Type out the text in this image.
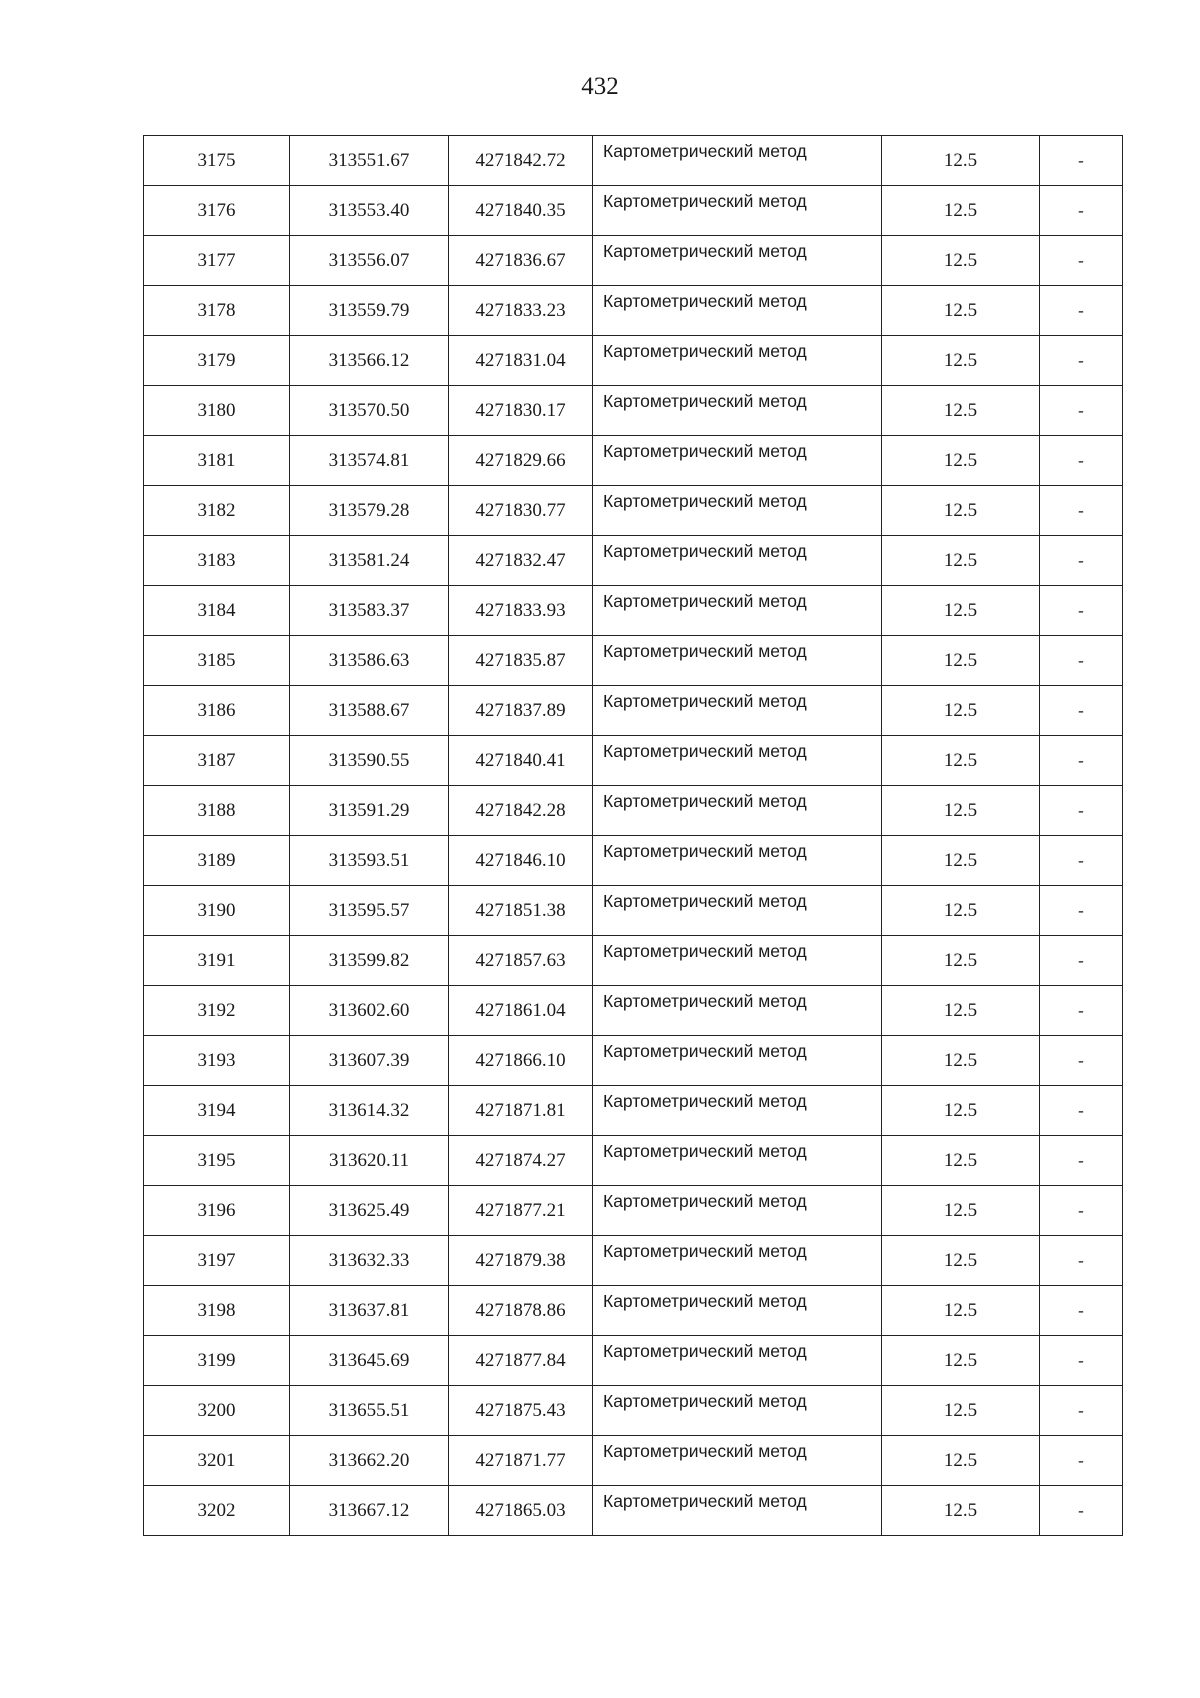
432
3175	313551.67	4271842.72	Картометрический метод	12.5	-
3176	313553.40	4271840.35	Картометрический метод	12.5	-
3177	313556.07	4271836.67	Картометрический метод	12.5	-
3178	313559.79	4271833.23	Картометрический метод	12.5	-
3179	313566.12	4271831.04	Картометрический метод	12.5	-
3180	313570.50	4271830.17	Картометрический метод	12.5	-
3181	313574.81	4271829.66	Картометрический метод	12.5	-
3182	313579.28	4271830.77	Картометрический метод	12.5	-
3183	313581.24	4271832.47	Картометрический метод	12.5	-
3184	313583.37	4271833.93	Картометрический метод	12.5	-
3185	313586.63	4271835.87	Картометрический метод	12.5	-
3186	313588.67	4271837.89	Картометрический метод	12.5	-
3187	313590.55	4271840.41	Картометрический метод	12.5	-
3188	313591.29	4271842.28	Картометрический метод	12.5	-
3189	313593.51	4271846.10	Картометрический метод	12.5	-
3190	313595.57	4271851.38	Картометрический метод	12.5	-
3191	313599.82	4271857.63	Картометрический метод	12.5	-
3192	313602.60	4271861.04	Картометрический метод	12.5	-
3193	313607.39	4271866.10	Картометрический метод	12.5	-
3194	313614.32	4271871.81	Картометрический метод	12.5	-
3195	313620.11	4271874.27	Картометрический метод	12.5	-
3196	313625.49	4271877.21	Картометрический метод	12.5	-
3197	313632.33	4271879.38	Картометрический метод	12.5	-
3198	313637.81	4271878.86	Картометрический метод	12.5	-
3199	313645.69	4271877.84	Картометрический метод	12.5	-
3200	313655.51	4271875.43	Картометрический метод	12.5	-
3201	313662.20	4271871.77	Картометрический метод	12.5	-
3202	313667.12	4271865.03	Картометрический метод	12.5	-
